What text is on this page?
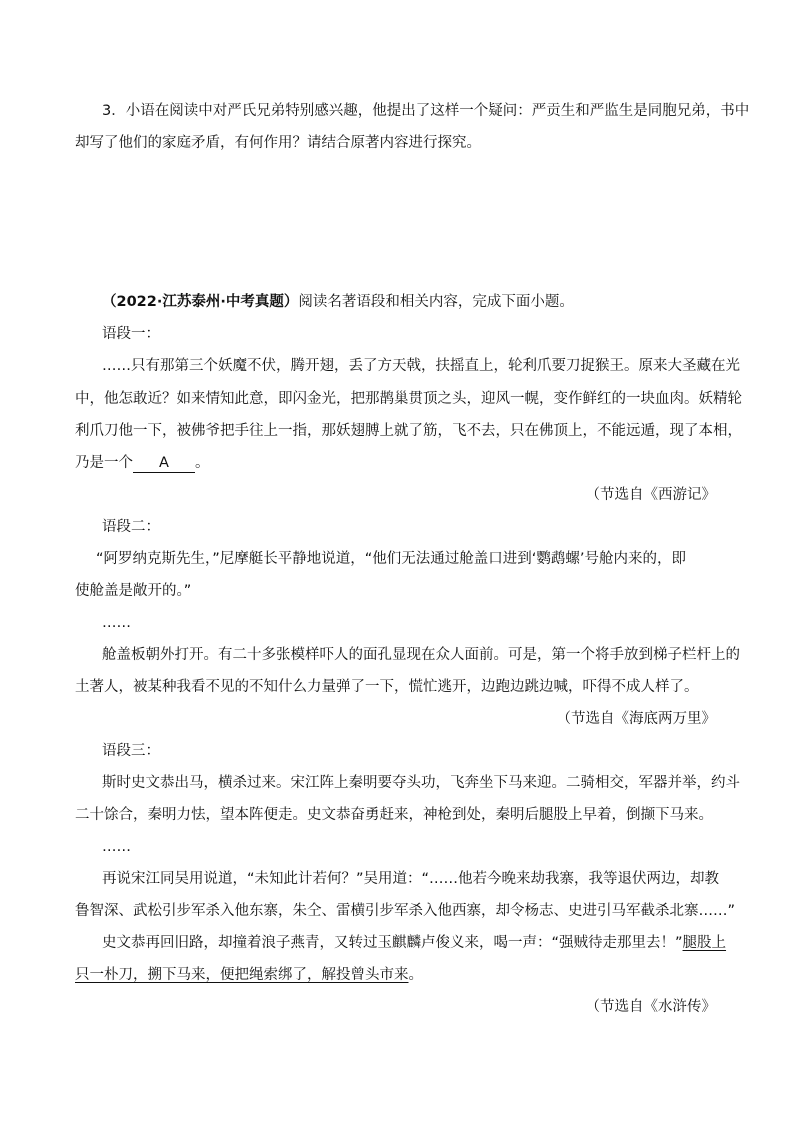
3．小语在阅读中对严氏兄弟特别感兴趣，他提出了这样一个疑问：严贡生和严监生是同胞兄弟，书中
却写了他们的家庭矛盾，有何作用？请结合原著内容进行探究。
（2022·江苏泰州·中考真题）阅读名著语段和相关内容，完成下面小题。
语段一：
……只有那第三个妖魔不伏，腾开翅，丢了方天戟，扶摇直上，轮利爪要刀捉猴王。原来大圣藏在光
中，他怎敢近？如来情知此意，即闪金光，把那鹊巢贯顶之头，迎风一幌，变作鲜红的一块血肉。妖精轮
利爪刀他一下，被佛爷把手往上一指，那妖翅膊上就了筋，飞不去，只在佛顶上，不能远遁，现了本相，
乃是一个 A 。
（节选自《西游记》
语段二：
“阿罗纳克斯先生，”尼摩艇长平静地说道，“他们无法通过舱盖口进到‘鹦鹉螺’号舱内来的，即
使舱盖是敞开的。”
……
舱盖板朝外打开。有二十多张模样吓人的面孔显现在众人面前。可是，第一个将手放到梯子栏杆上的
土著人，被某种我看不见的不知什么力量弹了一下，慌忙逃开，边跑边跳边喊，吓得不成人样了。
（节选自《海底两万里》
语段三：
斯时史文恭出马，横杀过来。宋江阵上秦明要夺头功，飞奔坐下马来迎。二骑相交，军器并举，约斗
二十馀合，秦明力怯，望本阵便走。史文恭奋勇赶来，神枪到处，秦明后腿股上早着，倒撷下马来。
……
再说宋江同吴用说道，“未知此计若何？”吴用道：“……他若今晚来劫我寨，我等退伏两边，却教
鲁智深、武松引步军杀入他东寨，朱仝、雷横引步军杀入他西寨，却令杨志、史进引马军截杀北寨……”
史文恭再回旧路，却撞着浪子燕青，又转过玉麒麟卢俊义来，喝一声：“强贼待走那里去！”腿股上
只一朴刀，搠下马来，便把绳索绑了，解投曾头市来。
（节选自《水浒传》
